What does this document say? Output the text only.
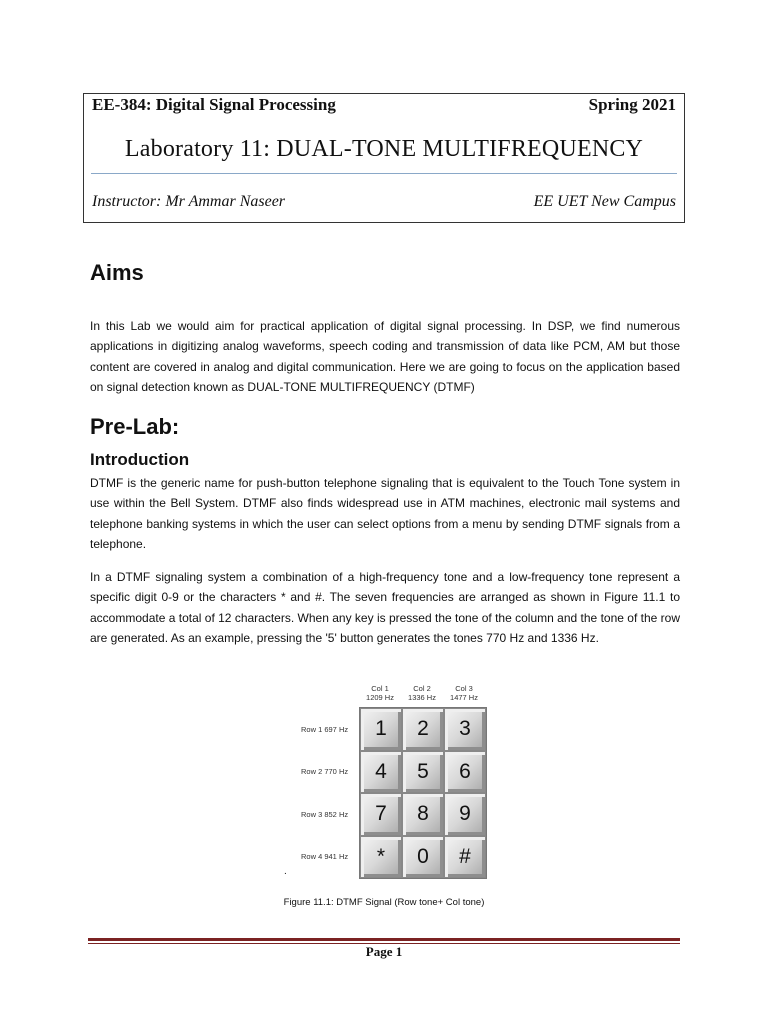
EE-384: Digital Signal Processing	Spring 2021
Laboratory 11: DUAL-TONE MULTIFREQUENCY
Instructor: Mr Ammar Naseer	EE UET New Campus
Aims

In this Lab we would aim for practical application of digital signal processing. In DSP, we find numerous applications in digitizing analog waveforms, speech coding and transmission of data like PCM, AM but those content are covered in analog and digital communication. Here we are going to focus on the application based on signal detection known as DUAL-TONE MULTIFREQUENCY (DTMF)

Pre-Lab:
Introduction

DTMF is the generic name for push-button telephone signaling that is equivalent to the Touch Tone system in use within the Bell System. DTMF also finds widespread use in ATM machines, electronic mail systems and telephone banking systems in which the user can select options from a menu by sending DTMF signals from a telephone.

In a DTMF signaling system a combination of a high-frequency tone and a low-frequency tone represent a specific digit 0-9 or the characters * and #. The seven frequencies are arranged as shown in Figure 11.1 to accommodate a total of 12 characters. When any key is pressed the tone of the column and the tone of the row are generated. As an example, pressing the '5' button generates the tones 770 Hz and 1336 Hz.

Col 1
1209 Hz
Col 2
1336 Hz
Col 3
1477 Hz
Row 1 697 Hz
Row 2 770 Hz
Row 3 852 Hz
Row 4 941 Hz
1	2	3
4	5	6
7	8	9
*	0	#
.
Figure 11.1: DTMF Signal (Row tone+ Col tone)
Page 1
